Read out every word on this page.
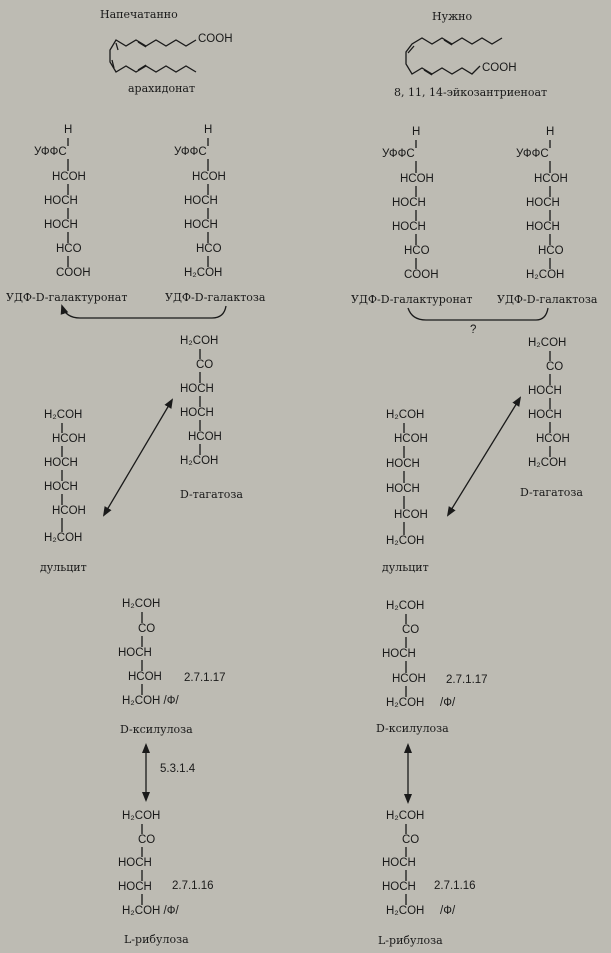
Напечатанно
COOH
арахидонат
H
УФФС
HCOH
HOCH
HOCH
HCO
COOH
УДФ-D-галактуронат
H
УФФС
HCOH
HOCH
HOCH
HCO
H₂COH
УДФ-D-галактоза
H₂COH
CO
HOCH
HOCH
HCOH
H₂COH
D-тагатоза
H₂COH
HCOH
HOCH
HOCH
HCOH
H₂COH
дульцит
H₂COH
CO
HOCH
HCOH
H₂COH /Ф/
2.7.1.17
D-ксилулоза
5.3.1.4
H₂COH
CO
HOCH
HOCH
H₂COH /Ф/
2.7.1.16
L-рибулоза
Нужно
COOH
8, 11, 14-эйкозантриеноат
H
УФФС
HCOH
HOCH
HOCH
HCO
COOH
УДФ-D-галактуронат
H
УФФС
HCOH
HOCH
HOCH
HCO
H₂COH
УДФ-D-галактоза
?
H₂COH
CO
HOCH
HOCH
HCOH
H₂COH
D-тагатоза
H₂COH
HCOH
HOCH
HOCH
HCOH
H₂COH
дульцит
H₂COH
CO
HOCH
HCOH
H₂COH /Ф/
2.7.1.17
D-ксилулоза
H₂COH
CO
HOCH
HOCH
H₂COH /Ф/
2.7.1.16
L-рибулоза
